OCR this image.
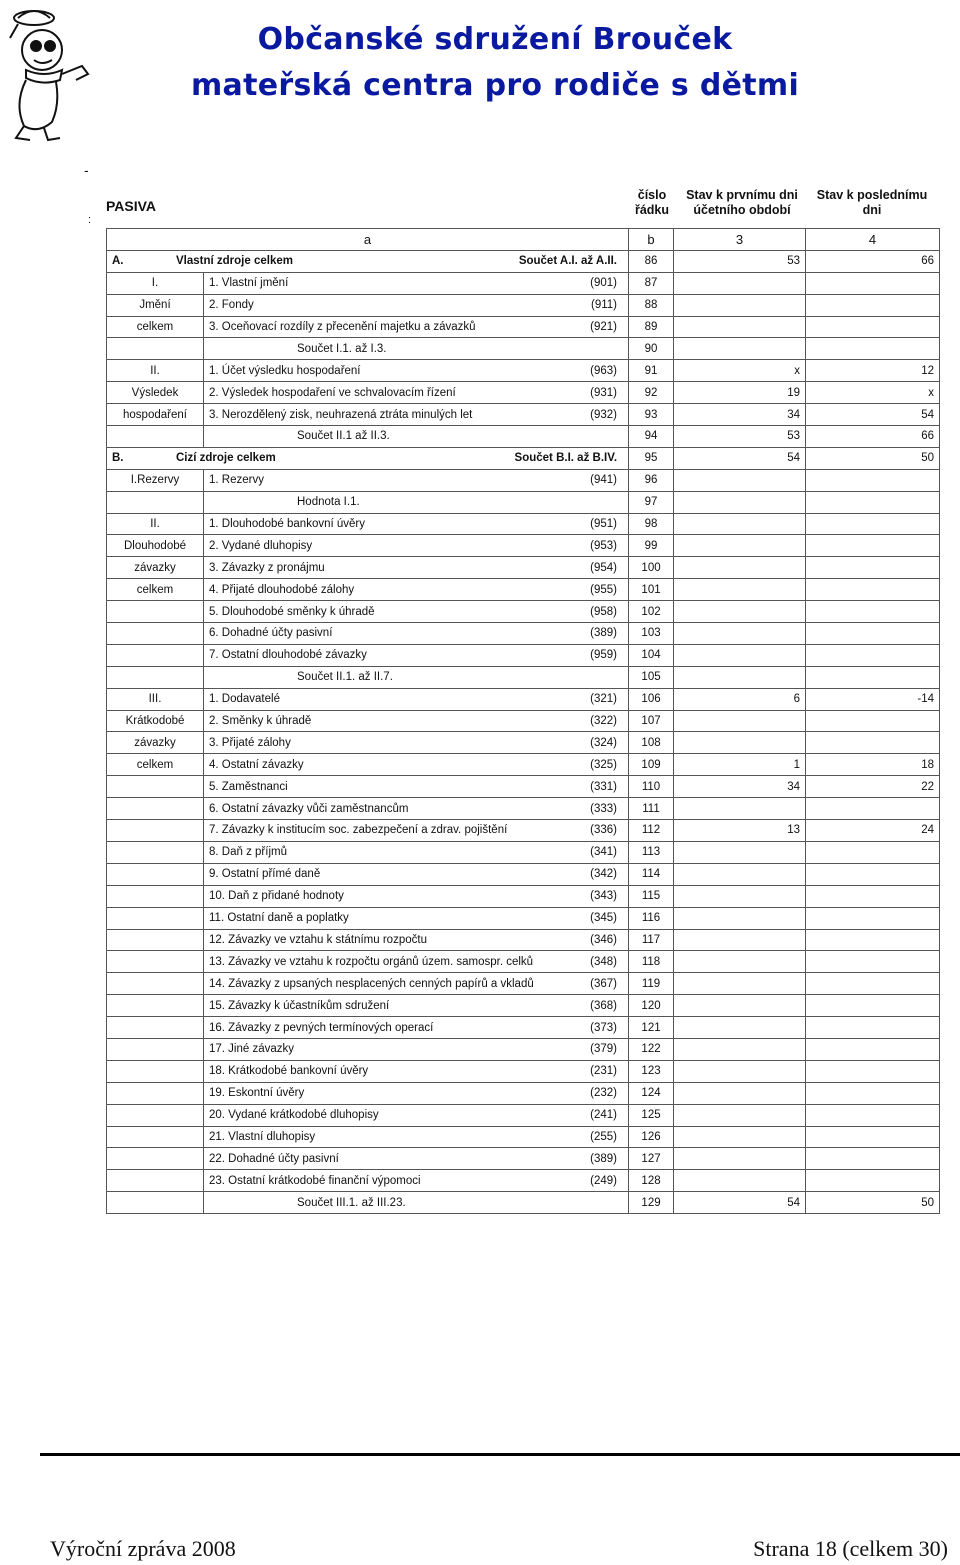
Občanské sdružení Brouček
mateřská centra pro rodiče s dětmi
-
:
PASIVA
číslo řádku
Stav k prvnímu dni účetního období
Stav k poslednímu dni
a		b	3	4
A. Vlastní zdroje celkem Součet A.I. až A.II.		86	53	66
I.	1. Vlastní jmění (901)	87		
Jmění	2. Fondy (911)	88		
celkem	3. Oceňovací rozdíly z přecenění majetku a závazků (921)	89		
	Součet I.1. až I.3.	90		
II.	1. Účet výsledku hospodaření (963)	91	x	12
Výsledek	2. Výsledek hospodaření ve schvalovacím řízení (931)	92	19	x
hospodaření	3. Nerozdělený zisk, neuhrazená ztráta minulých let (932)	93	34	54
	Součet II.1 až II.3.	94	53	66
B. Cizí zdroje celkem Součet B.I. až B.IV.		95	54	50
I.Rezervy	1. Rezervy (941)	96		
	Hodnota I.1.	97		
II.	1. Dlouhodobé bankovní úvěry (951)	98		
Dlouhodobé	2. Vydané dluhopisy (953)	99		
závazky	3. Závazky z pronájmu (954)	100		
celkem	4. Přijaté dlouhodobé zálohy (955)	101		
	5. Dlouhodobé směnky k úhradě (958)	102		
	6. Dohadné účty pasivní (389)	103		
	7. Ostatní dlouhodobé závazky (959)	104		
	Součet II.1. až II.7.	105		
III.	1. Dodavatelé (321)	106	6	-14
Krátkodobé	2. Směnky k úhradě (322)	107		
závazky	3. Přijaté zálohy (324)	108		
celkem	4. Ostatní závazky (325)	109	1	18
	5. Zaměstnanci (331)	110	34	22
	6. Ostatní závazky vůči zaměstnancům (333)	111		
	7. Závazky k institucím soc. zabezpečení a zdrav. pojištění (336)	112	13	24
	8. Daň z příjmů (341)	113		
	9. Ostatní přímé daně (342)	114		
	10. Daň z přidané hodnoty (343)	115		
	11. Ostatní daně a poplatky (345)	116		
	12. Závazky ve vztahu k státnímu rozpočtu (346)	117		
	13. Závazky ve vztahu k rozpočtu orgánů územ. samospr. celků (348)	118		
	14. Závazky z upsaných nesplacených cenných papírů a vkladů (367)	119		
	15. Závazky k účastníkům sdružení (368)	120		
	16. Závazky z pevných termínových operací (373)	121		
	17. Jiné závazky (379)	122		
	18. Krátkodobé bankovní úvěry (231)	123		
	19. Eskontní úvěry (232)	124		
	20. Vydané krátkodobé dluhopisy (241)	125		
	21. Vlastní dluhopisy (255)	126		
	22. Dohadné účty pasivní (389)	127		
	23. Ostatní krátkodobé finanční výpomoci (249)	128		
	Součet III.1. až III.23.	129	54	50
Výroční zpráva 2008	Strana 18 (celkem 30)
